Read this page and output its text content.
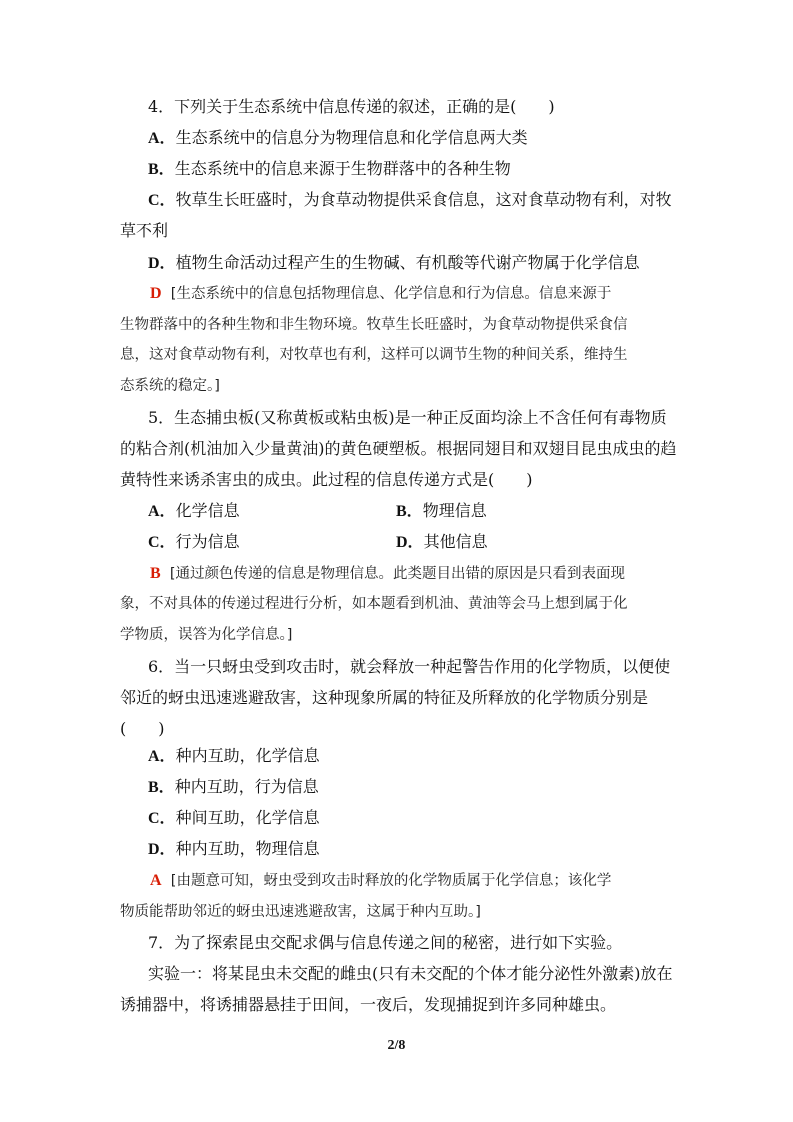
4．下列关于生态系统中信息传递的叙述，正确的是(　　)
A．生态系统中的信息分为物理信息和化学信息两大类
B．生态系统中的信息来源于生物群落中的各种生物
C．牧草生长旺盛时，为食草动物提供采食信息，这对食草动物有利，对牧
草不利
D．植物生命活动过程产生的生物碱、有机酸等代谢产物属于化学信息
D [生态系统中的信息包括物理信息、化学信息和行为信息。信息来源于
生物群落中的各种生物和非生物环境。牧草生长旺盛时，为食草动物提供采食信
息，这对食草动物有利，对牧草也有利，这样可以调节生物的种间关系，维持生
态系统的稳定。]
5．生态捕虫板(又称黄板或粘虫板)是一种正反面均涂上不含任何有毒物质
的粘合剂(机油加入少量黄油)的黄色硬塑板。根据同翅目和双翅目昆虫成虫的趋
黄特性来诱杀害虫的成虫。此过程的信息传递方式是(　　)
A．化学信息	B．物理信息
C．行为信息	D．其他信息
B [通过颜色传递的信息是物理信息。此类题目出错的原因是只看到表面现
象，不对具体的传递过程进行分析，如本题看到机油、黄油等会马上想到属于化
学物质，误答为化学信息。]
6．当一只蚜虫受到攻击时，就会释放一种起警告作用的化学物质，以便使
邻近的蚜虫迅速逃避敌害，这种现象所属的特征及所释放的化学物质分别是
(　　)
A．种内互助，化学信息
B．种内互助，行为信息
C．种间互助，化学信息
D．种内互助，物理信息
A [由题意可知，蚜虫受到攻击时释放的化学物质属于化学信息；该化学
物质能帮助邻近的蚜虫迅速逃避敌害，这属于种内互助。]
7．为了探索昆虫交配求偶与信息传递之间的秘密，进行如下实验。
实验一：将某昆虫未交配的雌虫(只有未交配的个体才能分泌性外激素)放在
诱捕器中，将诱捕器悬挂于田间，一夜后，发现捕捉到许多同种雄虫。
2/8
